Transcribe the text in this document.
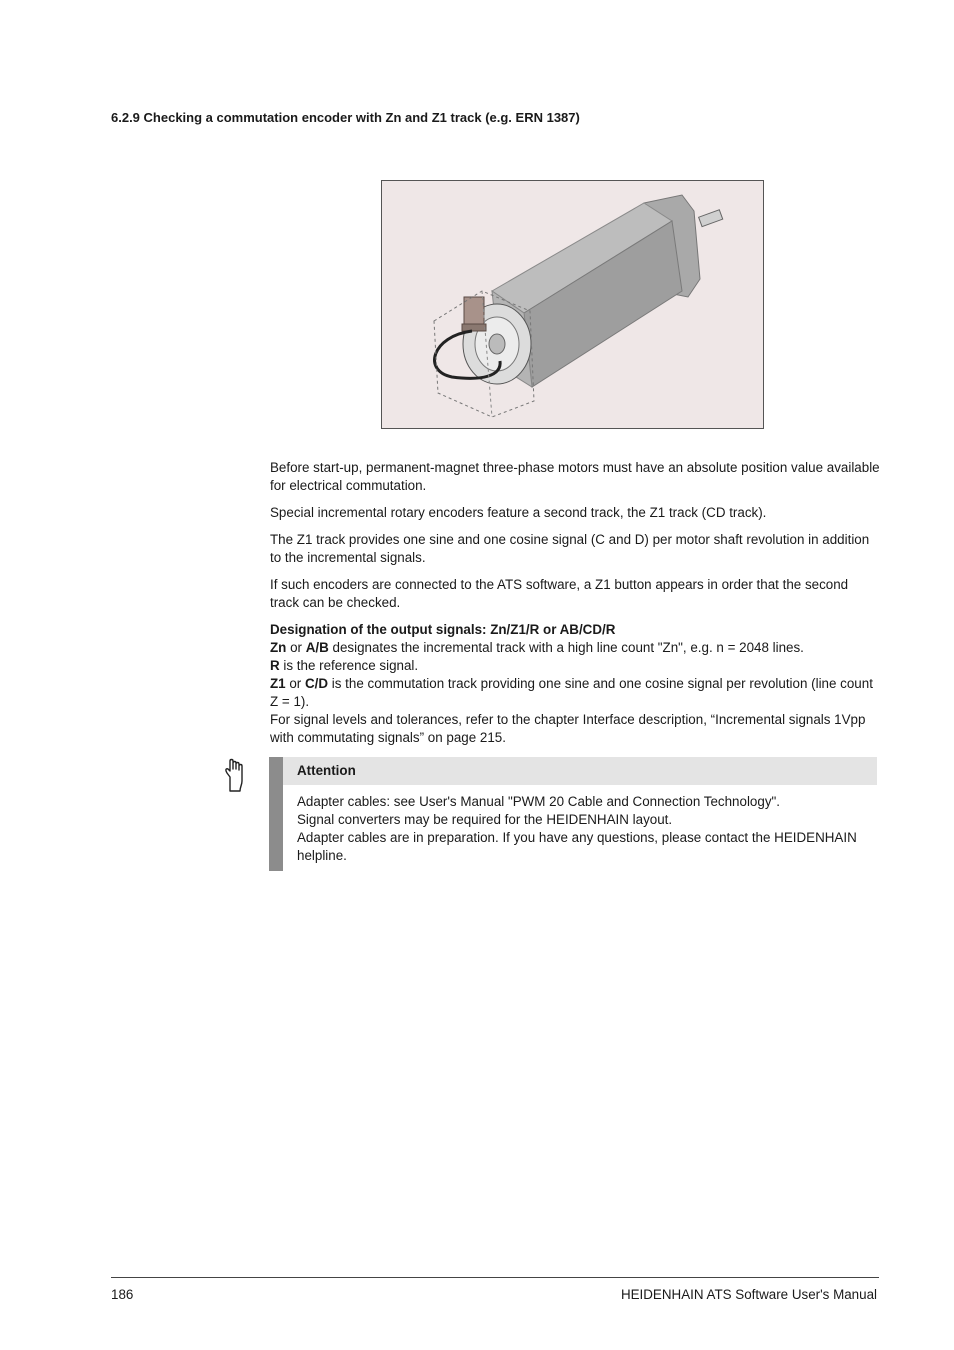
6.2.9 Checking a commutation encoder with Zn and Z1 track (e.g. ERN 1387)

Before start-up, permanent-magnet three-phase motors must have an absolute position value available for electrical commutation.

Special incremental rotary encoders feature a second track, the Z1 track (CD track).

The Z1 track provides one sine and one cosine signal (C and D) per motor shaft revolution in addition to the incremental signals.

If such encoders are connected to the ATS software, a Z1 button appears in order that the second track can be checked.

Designation of the output signals: Zn/Z1/R or AB/CD/R

Zn or A/B designates the incremental track with a high line count "Zn", e.g. n = 2048 lines.

R is the reference signal.

Z1 or C/D is the commutation track providing one sine and one cosine signal per revolution (line count Z = 1).

For signal levels and tolerances, refer to the chapter Interface description, “Incremental signals 1Vpp with commutating signals” on page 215.

Attention

Adapter cables: see User's Manual "PWM 20 Cable and Connection Technology".

Signal converters may be required for the HEIDENHAIN layout.

Adapter cables are in preparation. If you have any questions, please contact the HEIDENHAIN helpline.

186	HEIDENHAIN ATS Software User's Manual
